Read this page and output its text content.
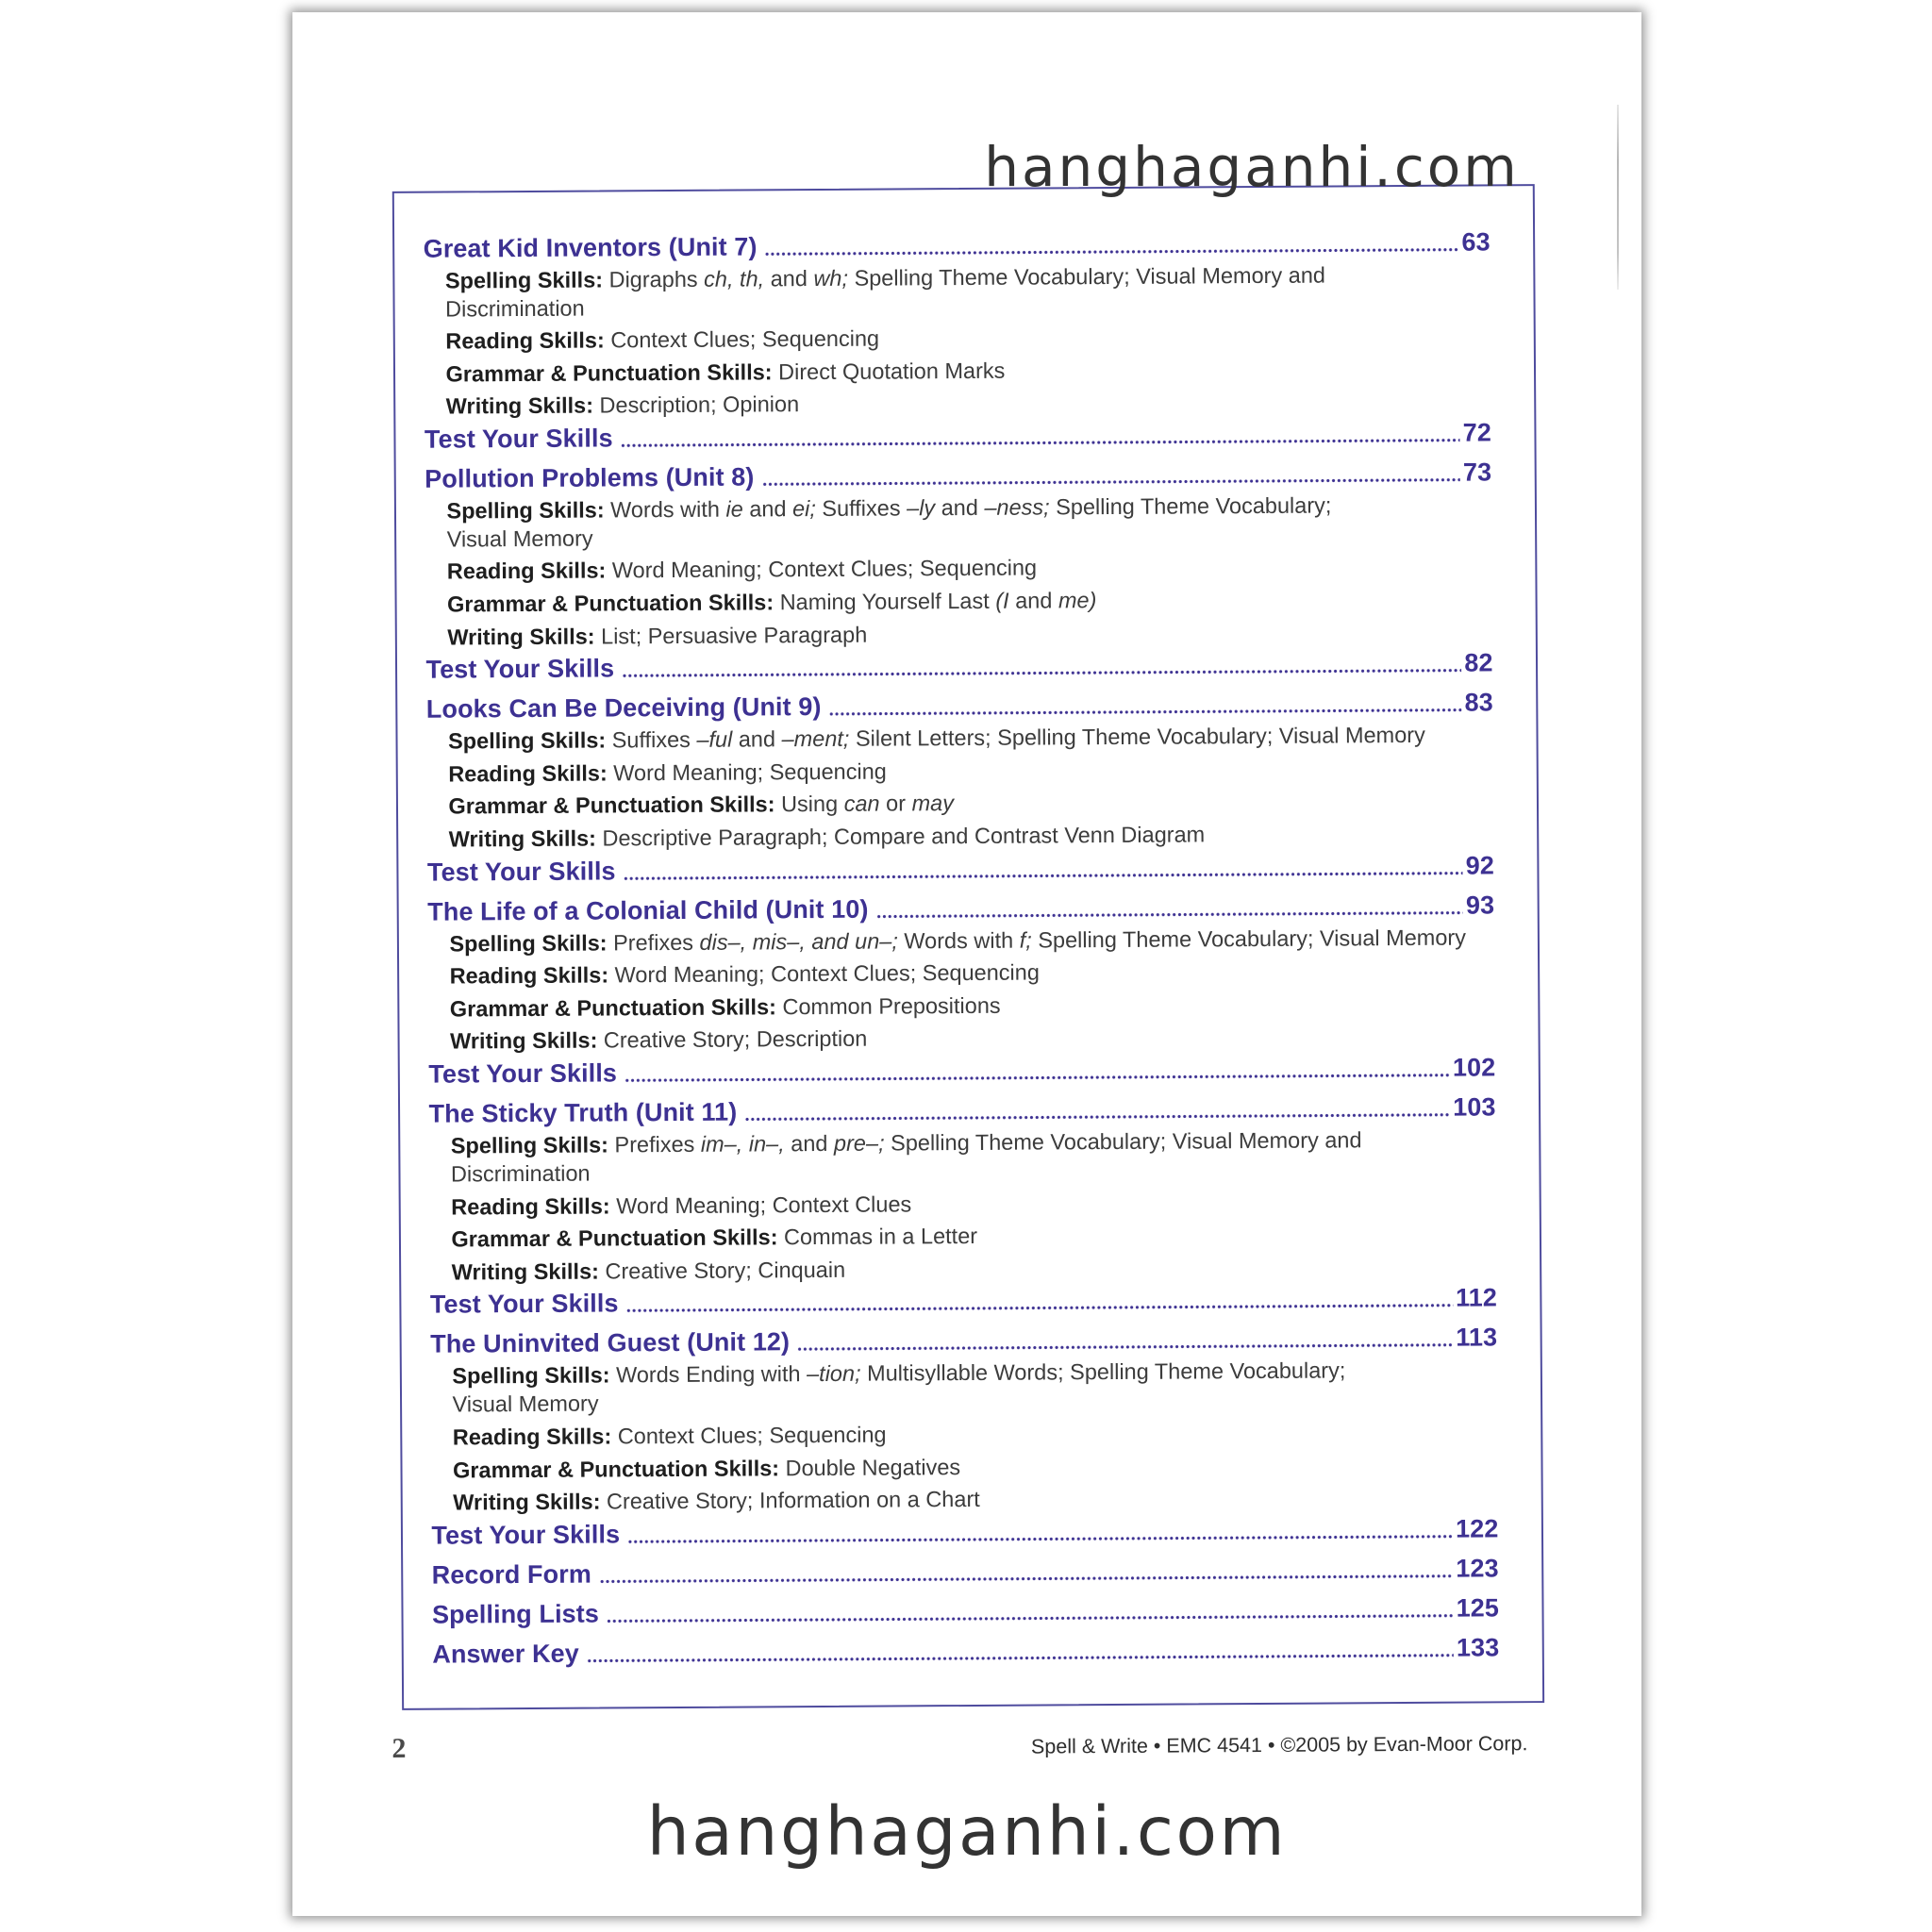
Great Kid Inventors (Unit 7)	63
Spelling Skills: Digraphs ch, th, and wh; Spelling Theme Vocabulary; Visual Memory and
Discrimination
Reading Skills: Context Clues; Sequencing
Grammar & Punctuation Skills: Direct Quotation Marks
Writing Skills: Description; Opinion
Test Your Skills	72
Pollution Problems (Unit 8)	73
Spelling Skills: Words with ie and ei; Suffixes –ly and –ness; Spelling Theme Vocabulary;
Visual Memory
Reading Skills: Word Meaning; Context Clues; Sequencing
Grammar & Punctuation Skills: Naming Yourself Last (I and me)
Writing Skills: List; Persuasive Paragraph
Test Your Skills	82
Looks Can Be Deceiving (Unit 9)	83
Spelling Skills: Suffixes –ful and –ment; Silent Letters; Spelling Theme Vocabulary; Visual Memory
Reading Skills: Word Meaning; Sequencing
Grammar & Punctuation Skills: Using can or may
Writing Skills: Descriptive Paragraph; Compare and Contrast Venn Diagram
Test Your Skills	92
The Life of a Colonial Child (Unit 10)	93
Spelling Skills: Prefixes dis–, mis–, and un–; Words with f; Spelling Theme Vocabulary; Visual Memory
Reading Skills: Word Meaning; Context Clues; Sequencing
Grammar & Punctuation Skills: Common Prepositions
Writing Skills: Creative Story; Description
Test Your Skills	102
The Sticky Truth (Unit 11)	103
Spelling Skills: Prefixes im–, in–, and pre–; Spelling Theme Vocabulary; Visual Memory and
Discrimination
Reading Skills: Word Meaning; Context Clues
Grammar & Punctuation Skills: Commas in a Letter
Writing Skills: Creative Story; Cinquain
Test Your Skills	112
The Uninvited Guest (Unit 12)	113
Spelling Skills: Words Ending with –tion; Multisyllable Words; Spelling Theme Vocabulary;
Visual Memory
Reading Skills: Context Clues; Sequencing
Grammar & Punctuation Skills: Double Negatives
Writing Skills: Creative Story; Information on a Chart
Test Your Skills	122
Record Form	123
Spelling Lists	125
Answer Key	133
2	Spell & Write • EMC 4541 • ©2005 by Evan-Moor Corp.
hanghaganhi.com
hanghaganhi.com
